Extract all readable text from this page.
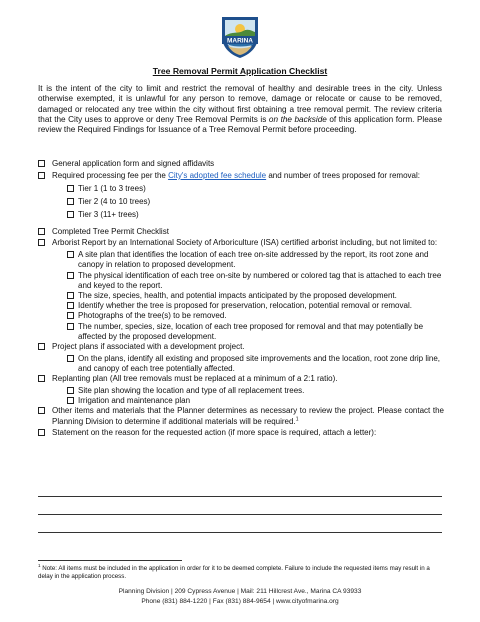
MARINA
Tree Removal Permit Application Checklist
It is the intent of the city to limit and restrict the removal of healthy and desirable trees in the city. Unless otherwise exempted, it is unlawful for any person to remove, damage or relocate or cause to be removed, damaged or relocated any tree within the city without first obtaining a tree removal permit. The review criteria that the City uses to approve or deny Tree Removal Permits is on the backside of this application form. Please review the Required Findings for Issuance of a Tree Removal Permit before proceeding.
General application form and signed affidavits
Required processing fee per the City's adopted fee schedule and number of trees proposed for removal:
Tier 1 (1 to 3 trees)
Tier 2 (4 to 10 trees)
Tier 3 (11+ trees)
Completed Tree Permit Checklist
Arborist Report by an International Society of Arboriculture (ISA) certified arborist including, but not limited to:
A site plan that identifies the location of each tree on-site addressed by the report, its root zone and canopy in relation to proposed development.
The physical identification of each tree on-site by numbered or colored tag that is attached to each tree and keyed to the report.
The size, species, health, and potential impacts anticipated by the proposed development.
Identify whether the tree is proposed for preservation, relocation, potential removal or removal.
Photographs of the tree(s) to be removed.
The number, species, size, location of each tree proposed for removal and that may potentially be affected by the proposed development.
Project plans if associated with a development project.
On the plans, identify all existing and proposed site improvements and the location, root zone drip line, and canopy of each tree potentially affected.
Replanting plan (All tree removals must be replaced at a minimum of a 2:1 ratio).
Site plan showing the location and type of all replacement trees.
Irrigation and maintenance plan
Other items and materials that the Planner determines as necessary to review the project. Please contact the Planning Division to determine if additional materials will be required.$^1$
Statement on the reason for the requested action (if more space is required, attach a letter):
$^1$ Note: All items must be included in the application in order for it to be deemed complete. Failure to include the requested items may result in a delay in the application process.
Planning Division | 209 Cypress Avenue | Mail: 211 Hillcrest Ave., Marina CA 93933
Phone (831) 884-1220 | Fax (831) 884-9654 | www.cityofmarina.org
